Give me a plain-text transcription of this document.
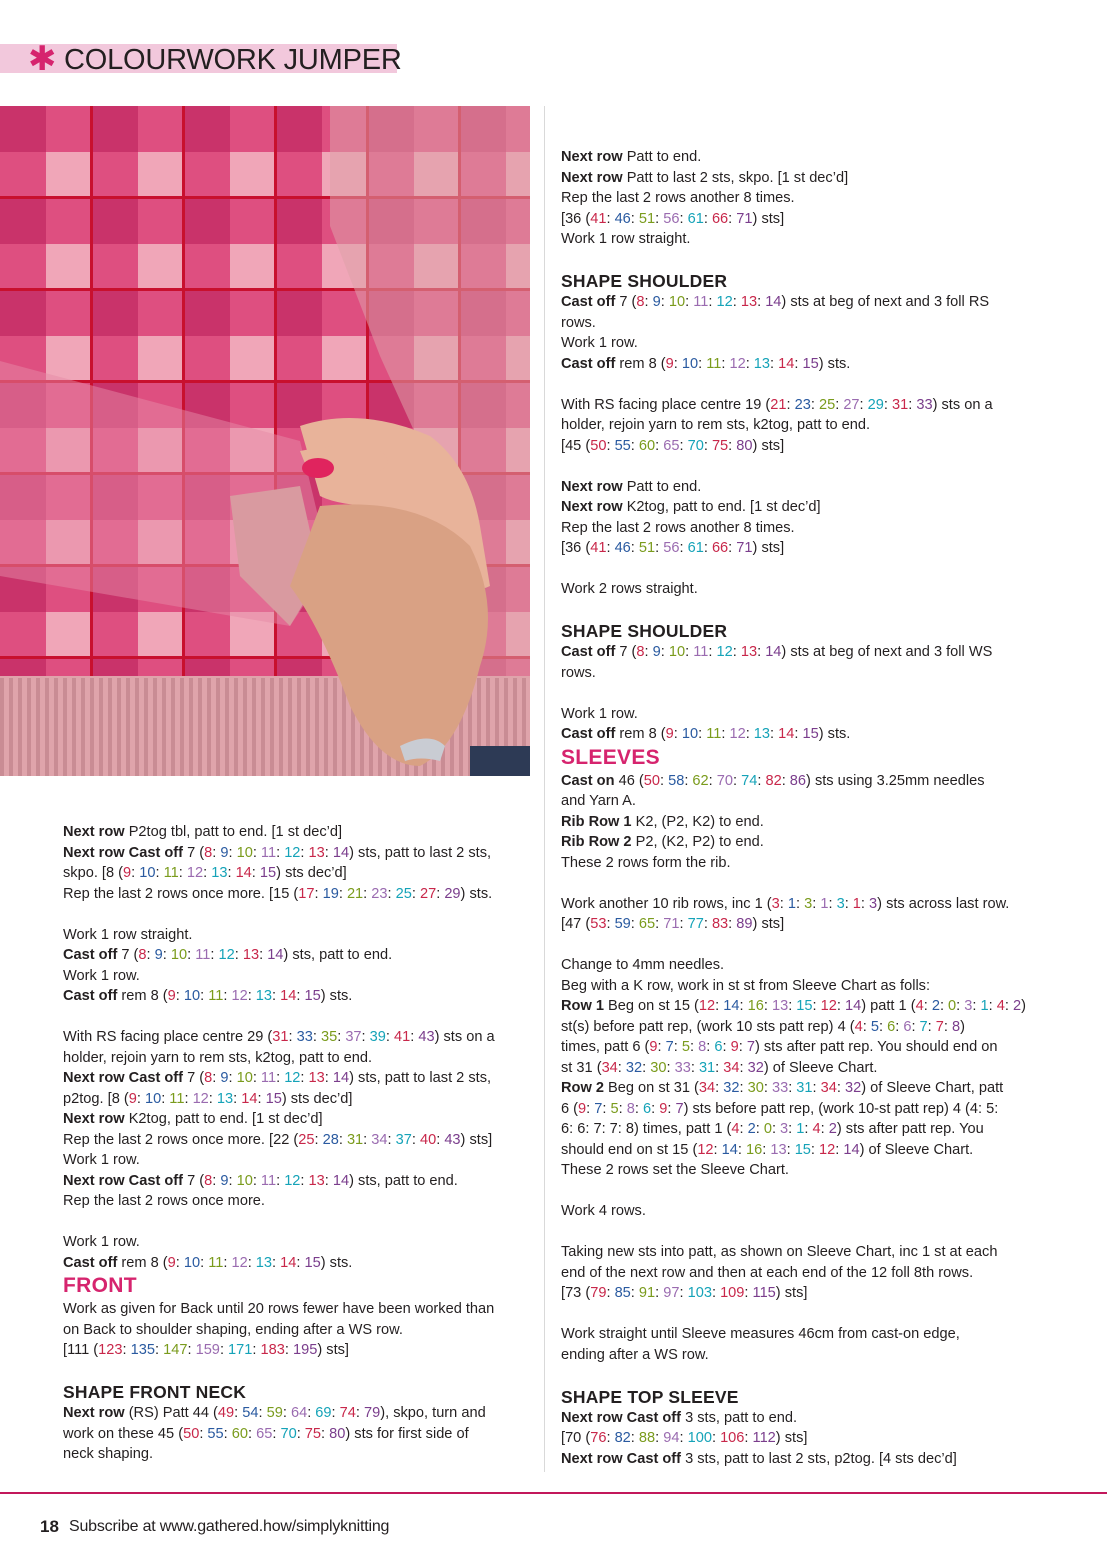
✱ COLOURWORK JUMPER
Next row P2tog tbl, patt to end. [1 st dec’d]
Next row Cast off 7 (8: 9: 10: 11: 12: 13: 14) sts, patt to last 2 sts,
skpo. [8 (9: 10: 11: 12: 13: 14: 15) sts dec’d]
Rep the last 2 rows once more. [15 (17: 19: 21: 23: 25: 27: 29) sts.
Work 1 row straight.
Cast off 7 (8: 9: 10: 11: 12: 13: 14) sts, patt to end.
Work 1 row.
Cast off rem 8 (9: 10: 11: 12: 13: 14: 15) sts.
With RS facing place centre 29 (31: 33: 35: 37: 39: 41: 43) sts on a
holder, rejoin yarn to rem sts, k2tog, patt to end.
Next row Cast off 7 (8: 9: 10: 11: 12: 13: 14) sts, patt to last 2 sts,
p2tog. [8 (9: 10: 11: 12: 13: 14: 15) sts dec’d]
Next row K2tog, patt to end. [1 st dec’d]
Rep the last 2 rows once more. [22 (25: 28: 31: 34: 37: 40: 43) sts]
Work 1 row.
Next row Cast off 7 (8: 9: 10: 11: 12: 13: 14) sts, patt to end.
Rep the last 2 rows once more.
Work 1 row.
Cast off rem 8 (9: 10: 11: 12: 13: 14: 15) sts.
FRONT
Work as given for Back until 20 rows fewer have been worked than
on Back to shoulder shaping, ending after a WS row.
[111 (123: 135: 147: 159: 171: 183: 195) sts]
SHAPE FRONT NECK
Next row (RS) Patt 44 (49: 54: 59: 64: 69: 74: 79), skpo, turn and
work on these 45 (50: 55: 60: 65: 70: 75: 80) sts for first side of
neck shaping.
Next row Patt to end.
Next row Patt to last 2 sts, skpo. [1 st dec’d]
Rep the last 2 rows another 8 times.
[36 (41: 46: 51: 56: 61: 66: 71) sts]
Work 1 row straight.
SHAPE SHOULDER
Cast off 7 (8: 9: 10: 11: 12: 13: 14) sts at beg of next and 3 foll RS
rows.
Work 1 row.
Cast off rem 8 (9: 10: 11: 12: 13: 14: 15) sts.
With RS facing place centre 19 (21: 23: 25: 27: 29: 31: 33) sts on a
holder, rejoin yarn to rem sts, k2tog, patt to end.
[45 (50: 55: 60: 65: 70: 75: 80) sts]
Next row Patt to end.
Next row K2tog, patt to end. [1 st dec’d]
Rep the last 2 rows another 8 times.
[36 (41: 46: 51: 56: 61: 66: 71) sts]
Work 2 rows straight.
SHAPE SHOULDER
Cast off 7 (8: 9: 10: 11: 12: 13: 14) sts at beg of next and 3 foll WS
rows.
Work 1 row.
Cast off rem 8 (9: 10: 11: 12: 13: 14: 15) sts.
SLEEVES
Cast on 46 (50: 58: 62: 70: 74: 82: 86) sts using 3.25mm needles
and Yarn A.
Rib Row 1 K2, (P2, K2) to end.
Rib Row 2 P2, (K2, P2) to end.
These 2 rows form the rib.
Work another 10 rib rows, inc 1 (3: 1: 3: 1: 3: 1: 3) sts across last row.
[47 (53: 59: 65: 71: 77: 83: 89) sts]
Change to 4mm needles.
Beg with a K row, work in st st from Sleeve Chart as folls:
Row 1 Beg on st 15 (12: 14: 16: 13: 15: 12: 14) patt 1 (4: 2: 0: 3: 1: 4: 2)
st(s) before patt rep, (work 10 sts patt rep) 4 (4: 5: 6: 6: 7: 7: 8)
times, patt 6 (9: 7: 5: 8: 6: 9: 7) sts after patt rep. You should end on
st 31 (34: 32: 30: 33: 31: 34: 32) of Sleeve Chart.
Row 2 Beg on st 31 (34: 32: 30: 33: 31: 34: 32) of Sleeve Chart, patt
6 (9: 7: 5: 8: 6: 9: 7) sts before patt rep, (work 10-st patt rep) 4 (4: 5:
6: 6: 7: 7: 8) times, patt 1 (4: 2: 0: 3: 1: 4: 2) sts after patt rep. You
should end on st 15 (12: 14: 16: 13: 15: 12: 14) of Sleeve Chart.
These 2 rows set the Sleeve Chart.
Work 4 rows.
Taking new sts into patt, as shown on Sleeve Chart, inc 1 st at each
end of the next row and then at each end of the 12 foll 8th rows.
[73 (79: 85: 91: 97: 103: 109: 115) sts]
Work straight until Sleeve measures 46cm from cast-on edge,
ending after a WS row.
SHAPE TOP SLEEVE
Next row Cast off 3 sts, patt to end.
[70 (76: 82: 88: 94: 100: 106: 112) sts]
Next row Cast off 3 sts, patt to last 2 sts, p2tog. [4 sts dec’d]
18 Subscribe at www.gathered.how/simplyknitting
